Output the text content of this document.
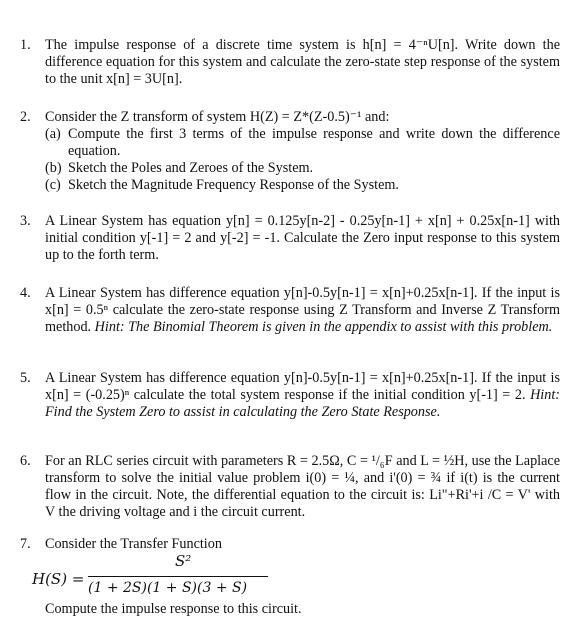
1.	The impulse response of a discrete time system is h[n] = 4⁻ⁿU[n]. Write down the difference equation for this system and calculate the zero-state step response of the system to the unit x[n] = 3U[n].
2.	Consider the Z transform of system H(Z) = Z*(Z-0.5)⁻¹ and:
(a) Compute the first 3 terms of the impulse response and write down the difference equation.
(b) Sketch the Poles and Zeroes of the System.
(c) Sketch the Magnitude Frequency Response of the System.
3.	A Linear System has equation y[n] = 0.125y[n-2] - 0.25y[n-1] + x[n] + 0.25x[n-1] with initial condition y[-1] = 2 and y[-2] = -1. Calculate the Zero input response to this system up to the forth term.
4.	A Linear System has difference equation y[n]-0.5y[n-1] = x[n]+0.25x[n-1]. If the input is x[n] = 0.5ⁿ calculate the zero-state response using Z Transform and Inverse Z Transform method. Hint: The Binomial Theorem is given in the appendix to assist with this problem.
5.	A Linear System has difference equation y[n]-0.5y[n-1] = x[n]+0.25x[n-1]. If the input is x[n] = (-0.25)ⁿ calculate the total system response if the initial condition y[-1] = 2. Hint: Find the System Zero to assist in calculating the Zero State Response.
6.	For an RLC series circuit with parameters R = 2.5Ω, C = ¹/₆F and L = ½H, use the Laplace transform to solve the initial value problem i(0) = ¼, and i'(0) = ¾ if i(t) is the current flow in the circuit. Note, the differential equation to the circuit is: Li"+Ri'+i /C = V' with V the driving voltage and i the circuit current.
7.	Consider the Transfer Function
H(S) =
S²
(1 + 2S)(1 + S)(3 + S)
Compute the impulse response to this circuit.
